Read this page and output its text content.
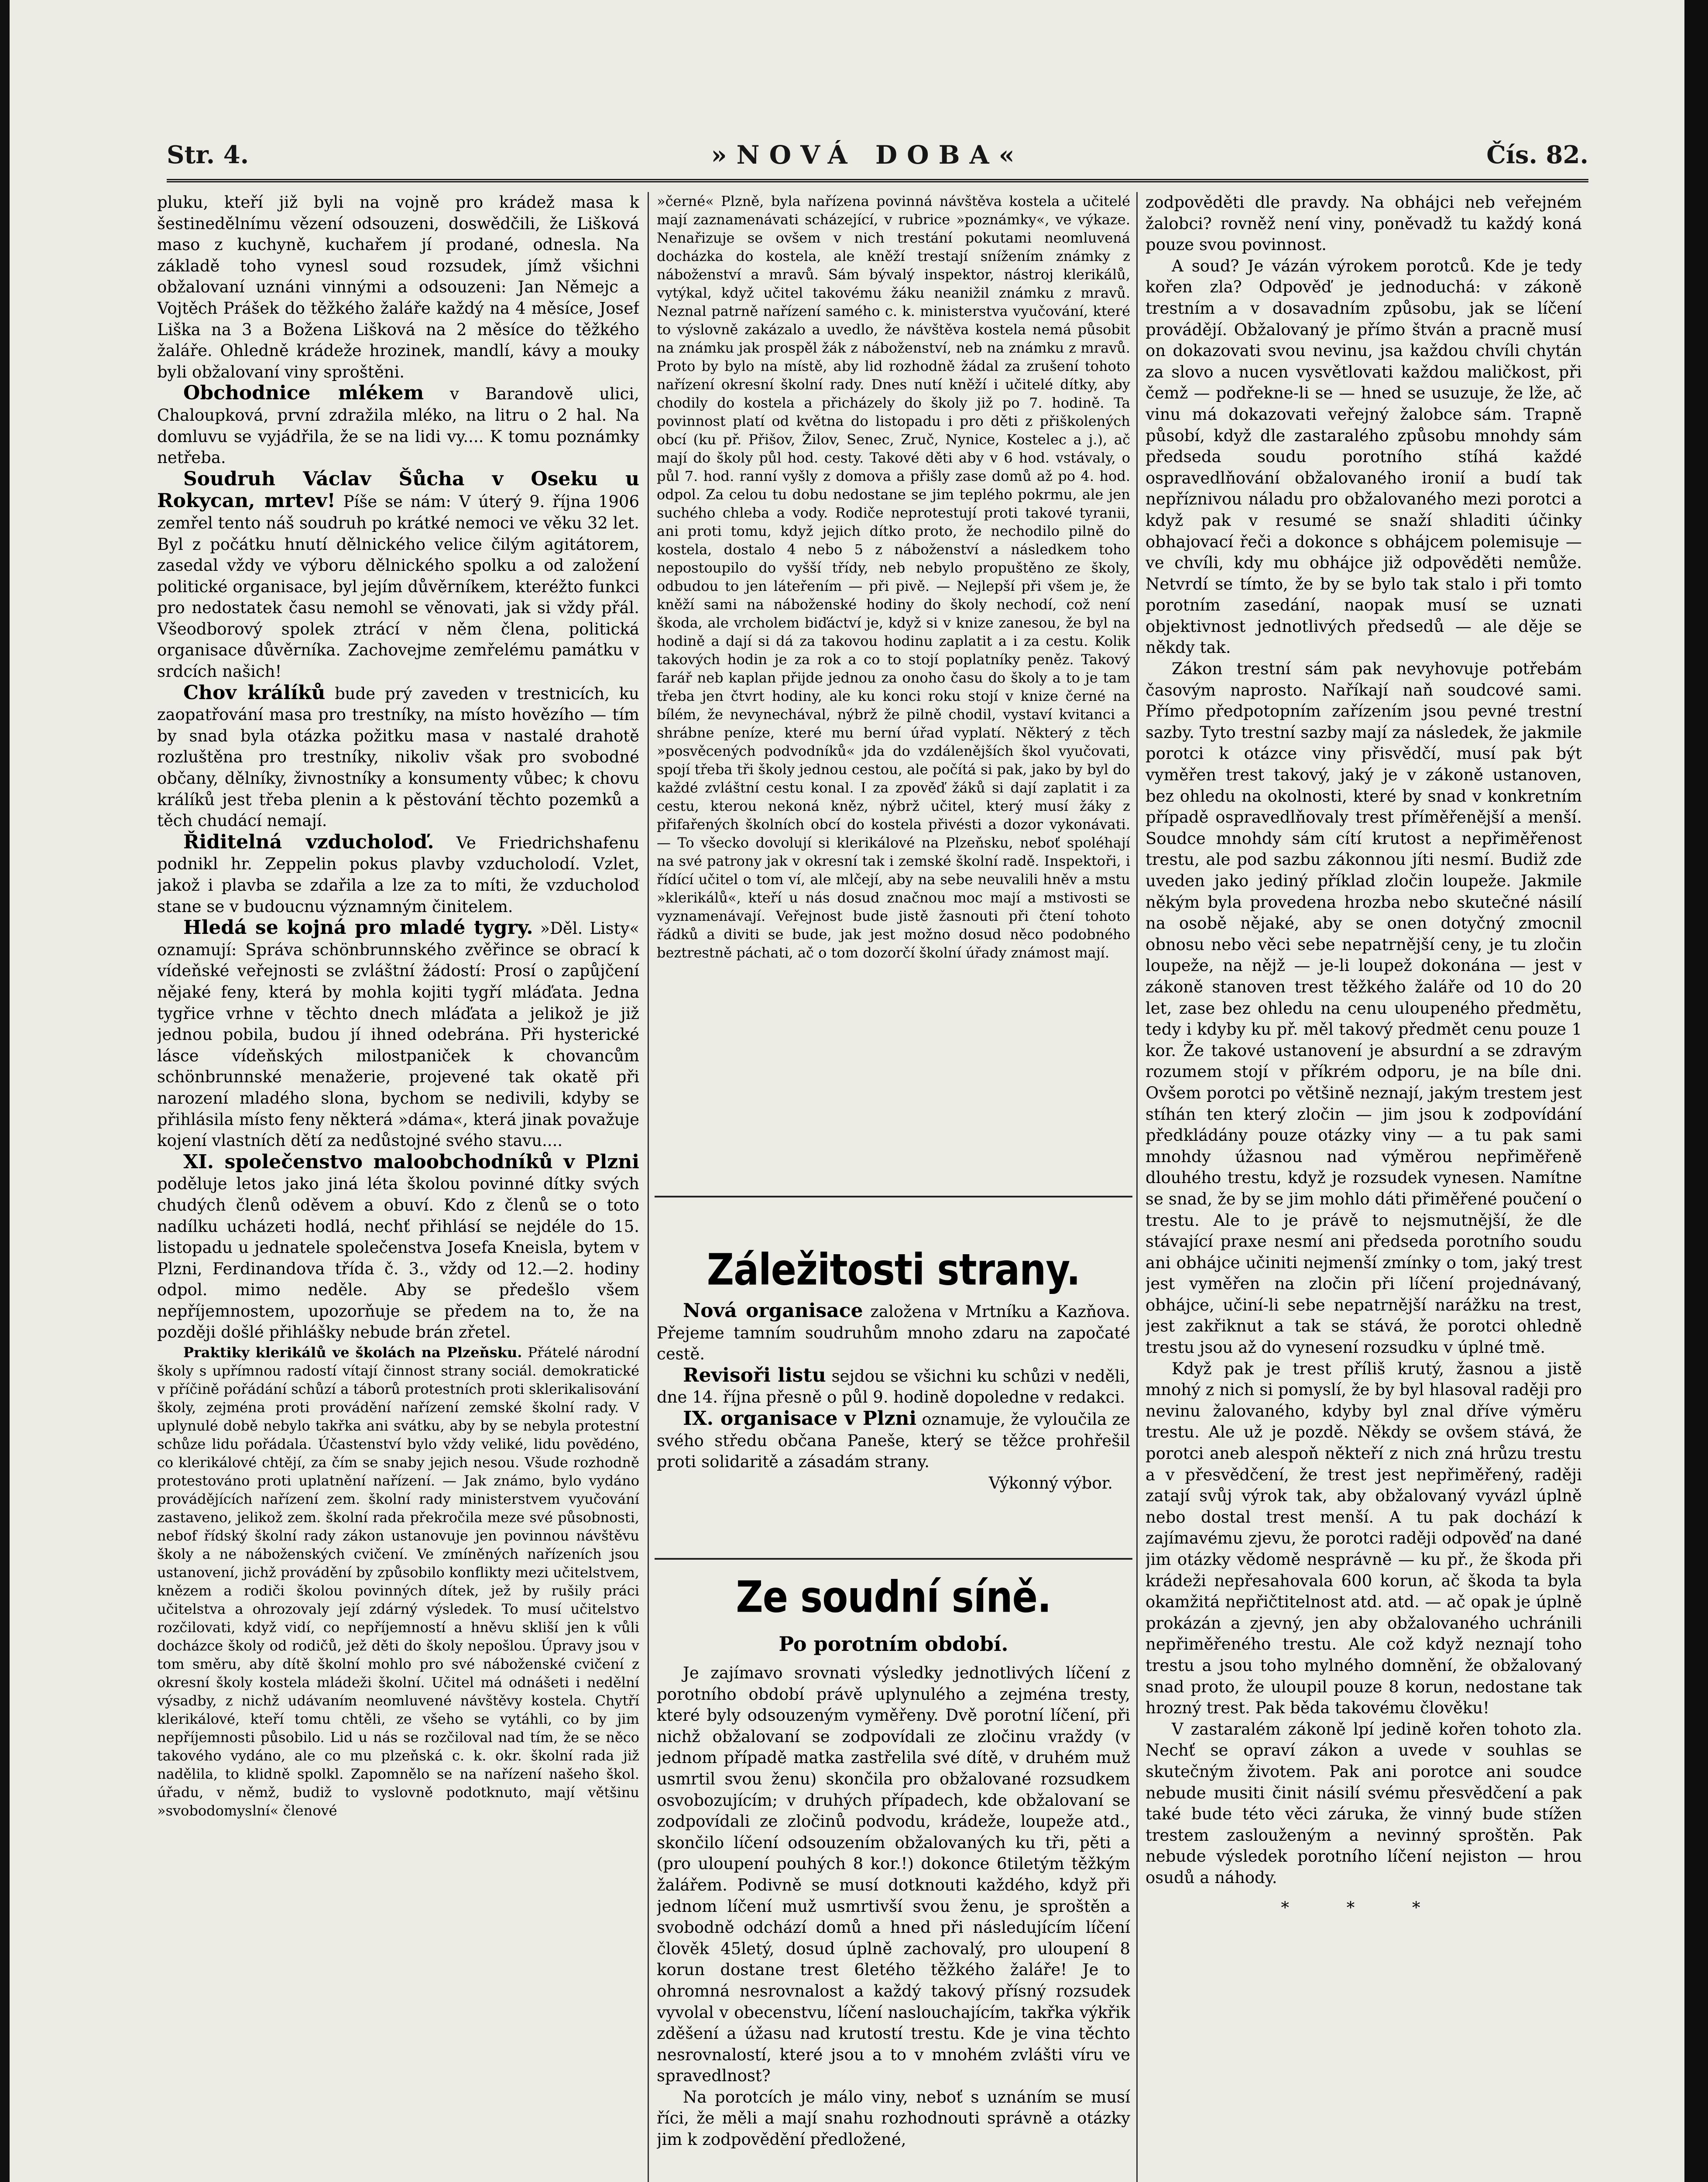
Str. 4.	»NOVÁ DOBA«	Čís. 82.

pluku, kteří již byli na vojně pro krádež masa k šestinedělnímu vězení odsouzeni, doswědčili, že Lišková maso z kuchyně, kuchařem jí prodané, odnesla. Na základě toho vynesl soud rozsudek, jímž všichni obžalovaní uznáni vinnými a odsouzeni: Jan Němejc a Vojtěch Prášek do těžkého žaláře každý na 4 měsíce, Josef Liška na 3 a Božena Lišková na 2 měsíce do těžkého žaláře. Ohledně krádeže hrozinek, mandlí, kávy a mouky byli obžalovaní viny sproštěni.

Obchodnice mlékem v Barandově ulici, Chaloupková, první zdražila mléko, na litru o 2 hal. Na domluvu se vyjádřila, že se na lidi vy.... K tomu poznámky netřeba.

Soudruh Václav Šůcha v Oseku u Rokycan, mrtev! Píše se nám: V úterý 9. října 1906 zemřel tento náš soudruh po krátké nemoci ve věku 32 let. Byl z počátku hnutí dělnického velice čilým agitátorem, zasedal vždy ve výboru dělnického spolku a od založení politické organisace, byl jejím důvěrníkem, kteréžto funkci pro nedostatek času nemohl se věnovati, jak si vždy přál. Všeodborový spolek ztrácí v něm člena, politická organisace důvěrníka. Zachovejme zemřelému památku v srdcích našich!

Chov králíků bude prý zaveden v trestnicích, ku zaopatřování masa pro trestníky, na místo hovězího — tím by snad byla otázka požitku masa v nastalé drahotě rozluštěna pro trestníky, nikoliv však pro svobodné občany, dělníky, živnostníky a konsumenty vůbec; k chovu králíků jest třeba plenin a k pěstování těchto pozemků a těch chudácí nemají.

Řiditelná vzducholoď. Ve Friedrichshafenu podnikl hr. Zeppelin pokus plavby vzducholodí. Vzlet, jakož i plavba se zdařila a lze za to míti, že vzducholoď stane se v budoucnu významným činitelem.

Hledá se kojná pro mladé tygry. »Děl. Listy« oznamují: Správa schönbrunnského zvěřince se obrací k vídeňské veřejnosti se zvláštní žádostí: Prosí o zapůjčení nějaké feny, která by mohla kojiti tygří mláďata. Jedna tygřice vrhne v těchto dnech mláďata a jelikož je již jednou pobila, budou jí ihned odebrána. Při hysterické lásce vídeňských milostpaniček k chovancům schönbrunnské menažerie, projevené tak okatě při narození mladého slona, bychom se nedivili, kdyby se přihlásila místo feny některá »dáma«, která jinak považuje kojení vlastních dětí za nedůstojné svého stavu....

XI. společenstvo maloobchodníků v Plzni poděluje letos jako jiná léta školou povinné dítky svých chudých členů oděvem a obuví. Kdo z členů se o toto nadílku ucházeti hodlá, nechť přihlásí se nejdéle do 15. listopadu u jednatele společenstva Josefa Kneisla, bytem v Plzni, Ferdinandova třída č. 3., vždy od 12.—2. hodiny odpol. mimo neděle. Aby se předešlo všem nepříjemnostem, upozorňuje se předem na to, že na později došlé přihlášky nebude brán zřetel.

Praktiky klerikálů ve školách na Plzeňsku. Přátelé národní školy s upřímnou radostí vítají činnost strany sociál. demokratické v příčině pořádání schůzí a táborů protestních proti sklerikalisování školy, zejména proti provádění nařízení zemské školní rady. V uplynulé době nebylo takřka ani svátku, aby by se nebyla protestní schůze lidu pořádala. Účastenství bylo vždy veliké, lidu povědéno, co klerikálové chtějí, za čím se snaby jejich nesou. Všude rozhodně protestováno proti uplatnění nařízení. — Jak známo, bylo vydáno provádějících nařízení zem. školní rady ministerstvem vyučování zastaveno, jelikož zem. školní rada překročila meze své působnosti, nebof řídský školní rady zákon ustanovuje jen povinnou návštěvu školy a ne náboženských cvičení. Ve zmíněných nařízeních jsou ustanovení, jichž provádění by způsobilo konflikty mezi učitelstvem, knězem a rodiči školou povinných dítek, jež by rušily práci učitelstva a ohrozovaly její zdárný výsledek. To musí učitelstvo rozčilovati, když vidí, co nepříjemností a hněvu skliší jen k vůli docházce školy od rodičů, jež děti do školy nepošlou. Úpravy jsou v tom směru, aby dítě školní mohlo pro své náboženské cvičení z okresní školy kostela mládeži školní. Učitel má odnášeti i nedělní výsadby, z nichž udávaním neomluvené návštěvy kostela. Chytří klerikálové, kteří tomu chtěli, ze všeho se vytáhli, co by jim nepříjemnosti působilo. Lid u nás se rozčiloval nad tím, že se něco takového vydáno, ale co mu plzeňská c. k. okr. školní rada již nadělila, to klidně spolkl. Zapomnělo se na nařízení našeho škol. úřadu, v němž, budiž to vyslovně podotknuto, mají většinu »svobodomyslní« členové

»černé« Plzně, byla nařízena povinná návštěva kostela a učitelé mají zaznamenávati scházející, v rubrice »poznámky«, ve výkaze. Nenařizuje se ovšem v nich trestání pokutami neomluvená docházka do kostela, ale kněží trestají snížením známky z náboženství a mravů. Sám bývalý inspektor, nástroj klerikálů, vytýkal, když učitel takovému žáku neanižil známku z mravů. Neznal patrně nařízení samého c. k. ministerstva vyučování, které to výslovně zakázalo a uvedlo, že návštěva kostela nemá působit na známku jak prospěl žák z náboženství, neb na známku z mravů. Proto by bylo na místě, aby lid rozhodně žádal za zrušení tohoto nařízení okresní školní rady. Dnes nutí kněží i učitelé dítky, aby chodily do kostela a přicházely do školy již po 7. hodině. Ta povinnost platí od května do listopadu i pro děti z přiškolených obcí (ku př. Přišov, Žilov, Senec, Zruč, Nynice, Kostelec a j.), ač mají do školy půl hod. cesty. Takové děti aby v 6 hod. vstávaly, o půl 7. hod. ranní vyšly z domova a přišly zase domů až po 4. hod. odpol. Za celou tu dobu nedostane se jim teplého pokrmu, ale jen suchého chleba a vody. Rodiče neprotestují proti takové tyranii, ani proti tomu, když jejich dítko proto, že nechodilo pilně do kostela, dostalo 4 nebo 5 z náboženství a následkem toho nepostoupilo do vyšší třídy, neb nebylo propuštěno ze školy, odbudou to jen láteřením — při pivě. — Nejlepší při všem je, že kněží sami na náboženské hodiny do školy nechodí, což není škoda, ale vrcholem biďáctví je, když si v knize zanesou, že byl na hodině a dají si dá za takovou hodinu zaplatit a i za cestu. Kolik takových hodin je za rok a co to stojí poplatníky peněz. Takový farář neb kaplan přijde jednou za onoho času do školy a to je tam třeba jen čtvrt hodiny, ale ku konci roku stojí v knize černé na bílém, že nevynechával, nýbrž že pilně chodil, vystaví kvitanci a shrábne peníze, které mu berní úřad vyplatí. Některý z těch »posvěcených podvodníků« jda do vzdálenějších škol vyučovati, spojí třeba tři školy jednou cestou, ale počítá si pak, jako by byl do každé zvláštní cestu konal. I za zpověď žáků si dají zaplatit i za cestu, kterou nekoná kněz, nýbrž učitel, který musí žáky z přifařených školních obcí do kostela přivésti a dozor vykonávati. — To všecko dovolují si klerikálové na Plzeňsku, neboť spoléhají na své patrony jak v okresní tak i zemské školní radě. Inspektoři, i řídící učitel o tom ví, ale mlčejí, aby na sebe neuvalili hněv a mstu »klerikálů«, kteří u nás dosud značnou moc mají a mstivosti se vyznamenávají. Veřejnost bude jistě žasnouti při čtení tohoto řádků a diviti se bude, jak jest možno dosud něco podobného beztrestně páchati, ač o tom dozorčí školní úřady známost mají.

Záležitosti strany.

Nová organisace založena v Mrtníku a Kazňova. Přejeme tamním soudruhům mnoho zdaru na započaté cestě.

Revisoři listu sejdou se všichni ku schůzi v neděli, dne 14. října přesně o půl 9. hodině dopoledne v redakci.

IX. organisace v Plzni oznamuje, že vyloučila ze svého středu občana Paneše, který se těžce prohřešil proti solidaritě a zásadám strany.

Výkonný výbor.

Ze soudní síně.
Po porotním období.

Je zajímavo srovnati výsledky jednotlivých líčení z porotního období právě uplynulého a zejména tresty, které byly odsouzeným vyměřeny. Dvě porotní líčení, při nichž obžalovaní se zodpovídali ze zločinu vraždy (v jednom případě matka zastřelila své dítě, v druhém muž usmrtil svou ženu) skončila pro obžalované rozsudkem osvobozujícím; v druhých případech, kde obžalovaní se zodpovídali ze zločinů podvodu, krádeže, loupeže atd., skončilo líčení odsouzením obžalovaných ku tři, pěti a (pro uloupení pouhých 8 kor.!) dokonce 6tiletým těžkým žalářem. Podivně se musí dotknouti každého, když při jednom líčení muž usmrtivší svou ženu, je sproštěn a svobodně odchází domů a hned při následujícím líčení člověk 45letý, dosud úplně zachovalý, pro uloupení 8 korun dostane trest 6letého těžkého žaláře! Je to ohromná nesrovnalost a každý takový přísný rozsudek vyvolal v obecenstvu, líčení naslouchajícím, takřka výkřik zděšení a úžasu nad krutostí trestu. Kde je vina těchto nesrovnalostí, které jsou a to v mnohém zvlášti víru ve spravedlnost?

Na porotcích je málo viny, neboť s uznáním se musí říci, že měli a mají snahu rozhodnouti správně a otázky jim k zodpovědění předložené,

zodpověděti dle pravdy. Na obhájci neb veřejném žalobci? rovněž není viny, poněvadž tu každý koná pouze svou povinnost.

A soud? Je vázán výrokem porotců. Kde je tedy kořen zla? Odpověď je jednoduchá: v zákoně trestním a v dosavadním způsobu, jak se líčení provádějí. Obžalovaný je přímo štván a pracně musí on dokazovati svou nevinu, jsa každou chvíli chytán za slovo a nucen vysvětlovati každou maličkost, při čemž — podřekne-li se — hned se usuzuje, že lže, ač vinu má dokazovati veřejný žalobce sám. Trapně působí, když dle zastaralého způsobu mnohdy sám předseda soudu porotního stíhá každé ospravedlňování obžalovaného ironií a budí tak nepříznivou náladu pro obžalovaného mezi porotci a když pak v resumé se snaží shladiti účinky obhajovací řeči a dokonce s obhájcem polemisuje — ve chvíli, kdy mu obhájce již odpověděti nemůže. Netvrdí se tímto, že by se bylo tak stalo i při tomto porotním zasedání, naopak musí se uznati objektivnost jednotlivých předsedů — ale děje se někdy tak.

Zákon trestní sám pak nevyhovuje potřebám časovým naprosto. Naříkají naň soudcové sami. Přímo předpotopním zařízením jsou pevné trestní sazby. Tyto trestní sazby mají za následek, že jakmile porotci k otázce viny přisvědčí, musí pak být vyměřen trest takový, jaký je v zákoně ustanoven, bez ohledu na okolnosti, které by snad v konkretním případě ospravedlňovaly trest příměřenější a menší. Soudce mnohdy sám cítí krutost a nepřiměřenost trestu, ale pod sazbu zákonnou jíti nesmí. Budiž zde uveden jako jediný příklad zločin loupeže. Jakmile někým byla provedena hrozba nebo skutečné násilí na osobě nějaké, aby se onen dotyčný zmocnil obnosu nebo věci sebe nepatrnější ceny, je tu zločin loupeže, na nějž — je-li loupež dokonána — jest v zákoně stanoven trest těžkého žaláře od 10 do 20 let, zase bez ohledu na cenu uloupeného předmětu, tedy i kdyby ku př. měl takový předmět cenu pouze 1 kor. Že takové ustanovení je absurdní a se zdravým rozumem stojí v příkrém odporu, je na bíle dni. Ovšem porotci po většině neznají, jakým trestem jest stíhán ten který zločin — jim jsou k zodpovídání předkládány pouze otázky viny — a tu pak sami mnohdy úžasnou nad výměrou nepřiměřeně dlouhého trestu, když je rozsudek vynesen. Namítne se snad, že by se jim mohlo dáti přiměřené poučení o trestu. Ale to je právě to nejsmutnější, že dle stávající praxe nesmí ani předseda porotního soudu ani obhájce učiniti nejmenší zmínky o tom, jaký trest jest vyměřen na zločin při líčení projednávaný, obhájce, učiní-li sebe nepatrnější narážku na trest, jest zakřiknut a tak se stává, že porotci ohledně trestu jsou až do vynesení rozsudku v úplné tmě.

Když pak je trest příliš krutý, žasnou a jistě mnohý z nich si pomyslí, že by byl hlasoval raději pro nevinu žalovaného, kdyby byl znal dříve výměru trestu. Ale už je pozdě. Někdy se ovšem stává, že porotci aneb alespoň někteří z nich zná hrůzu trestu a v přesvědčení, že trest jest nepřiměřený, raději zatají svůj výrok tak, aby obžalovaný vyvázl úplně nebo dostal trest menší. A tu pak dochází k zajímavému zjevu, že porotci raději odpověď na dané jim otázky vědomě nesprávně — ku př., že škoda při krádeži nepřesahovala 600 korun, ač škoda ta byla okamžitá nepřičtitelnost atd. atd. — ač opak je úplně prokázán a zjevný, jen aby obžalovaného uchránili nepřiměřeného trestu. Ale což když neznají toho trestu a jsou toho mylného domnění, že obžalovaný snad proto, že uloupil pouze 8 korun, nedostane tak hrozný trest. Pak běda takovému člověku!

V zastaralém zákoně lpí jedině kořen tohoto zla. Nechť se opraví zákon a uvede v souhlas se skutečným životem. Pak ani porotce ani soudce nebude musiti činit násilí svému přesvědčení a pak také bude této věci záruka, že vinný bude stížen trestem zaslouženým a nevinný sproštěn. Pak nebude výsledek porotního líčení nejiston — hrou osudů a náhody.

* * *
